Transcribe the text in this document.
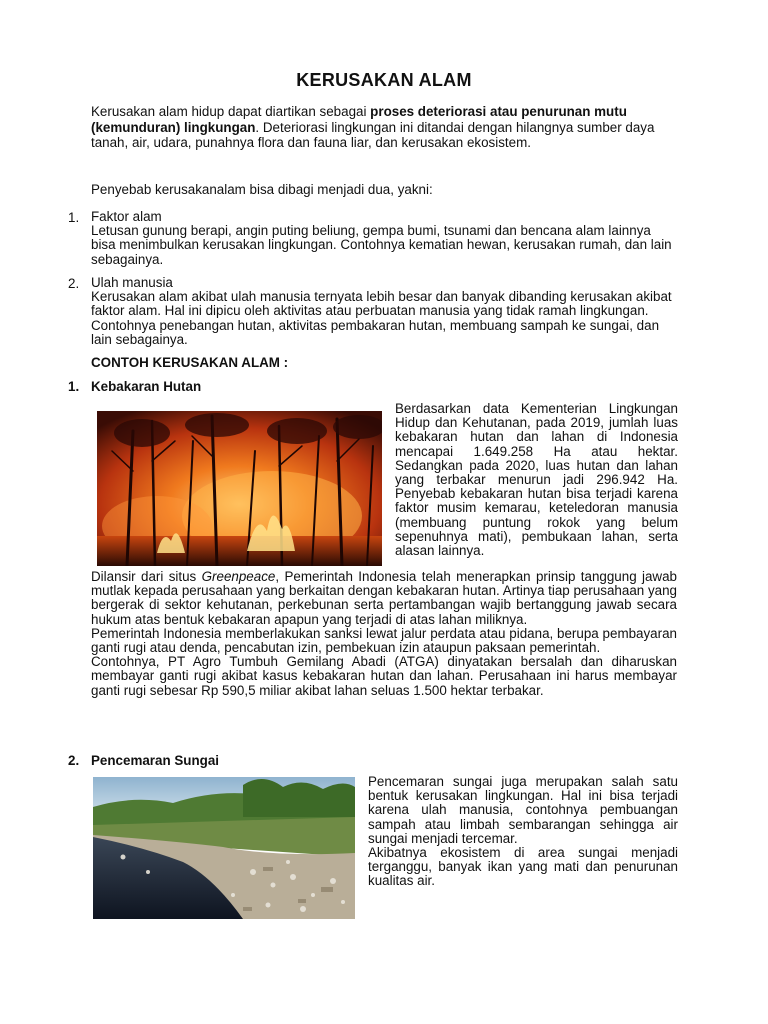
KERUSAKAN ALAM
Kerusakan alam hidup dapat diartikan sebagai proses deteriorasi atau penurunan mutu (kemunduran) lingkungan. Deteriorasi lingkungan ini ditandai dengan hilangnya sumber daya tanah, air, udara, punahnya flora dan fauna liar, dan kerusakan ekosistem.
Penyebab kerusakanalam bisa dibagi menjadi dua, yakni:
1. Faktor alam
Letusan gunung berapi, angin puting beliung, gempa bumi, tsunami dan bencana alam lainnya bisa menimbulkan kerusakan lingkungan. Contohnya kematian hewan, kerusakan rumah, dan lain sebagainya.
2. Ulah manusia
Kerusakan alam akibat ulah manusia ternyata lebih besar dan banyak dibanding kerusakan akibat faktor alam. Hal ini dipicu oleh aktivitas atau perbuatan manusia yang tidak ramah lingkungan. Contohnya penebangan hutan, aktivitas pembakaran hutan, membuang sampah ke sungai, dan lain sebagainya.
CONTOH KERUSAKAN ALAM :
1. Kebakaran Hutan
Berdasarkan data Kementerian Lingkungan Hidup dan Kehutanan, pada 2019, jumlah luas kebakaran hutan dan lahan di Indonesia mencapai 1.649.258 Ha atau hektar. Sedangkan pada 2020, luas hutan dan lahan yang terbakar menurun jadi 296.942 Ha. Penyebab kebakaran hutan bisa terjadi karena faktor musim kemarau, keteledoran manusia (membuang puntung rokok yang belum sepenuhnya mati), pembukaan lahan, serta alasan lainnya.
Dilansir dari situs Greenpeace, Pemerintah Indonesia telah menerapkan prinsip tanggung jawab mutlak kepada perusahaan yang berkaitan dengan kebakaran hutan. Artinya tiap perusahaan yang bergerak di sektor kehutanan, perkebunan serta pertambangan wajib bertanggung jawab secara hukum atas bentuk kebakaran apapun yang terjadi di atas lahan miliknya.
Pemerintah Indonesia memberlakukan sanksi lewat jalur perdata atau pidana, berupa pembayaran ganti rugi atau denda, pencabutan izin, pembekuan izin ataupun paksaan pemerintah.
Contohnya, PT Agro Tumbuh Gemilang Abadi (ATGA) dinyatakan bersalah dan diharuskan membayar ganti rugi akibat kasus kebakaran hutan dan lahan. Perusahaan ini harus membayar ganti rugi sebesar Rp 590,5 miliar akibat lahan seluas 1.500 hektar terbakar.
2. Pencemaran Sungai
Pencemaran sungai juga merupakan salah satu bentuk kerusakan lingkungan. Hal ini bisa terjadi karena ulah manusia, contohnya pembuangan sampah atau limbah sembarangan sehingga air sungai menjadi tercemar.
Akibatnya ekosistem di area sungai menjadi terganggu, banyak ikan yang mati dan penurunan kualitas air.
